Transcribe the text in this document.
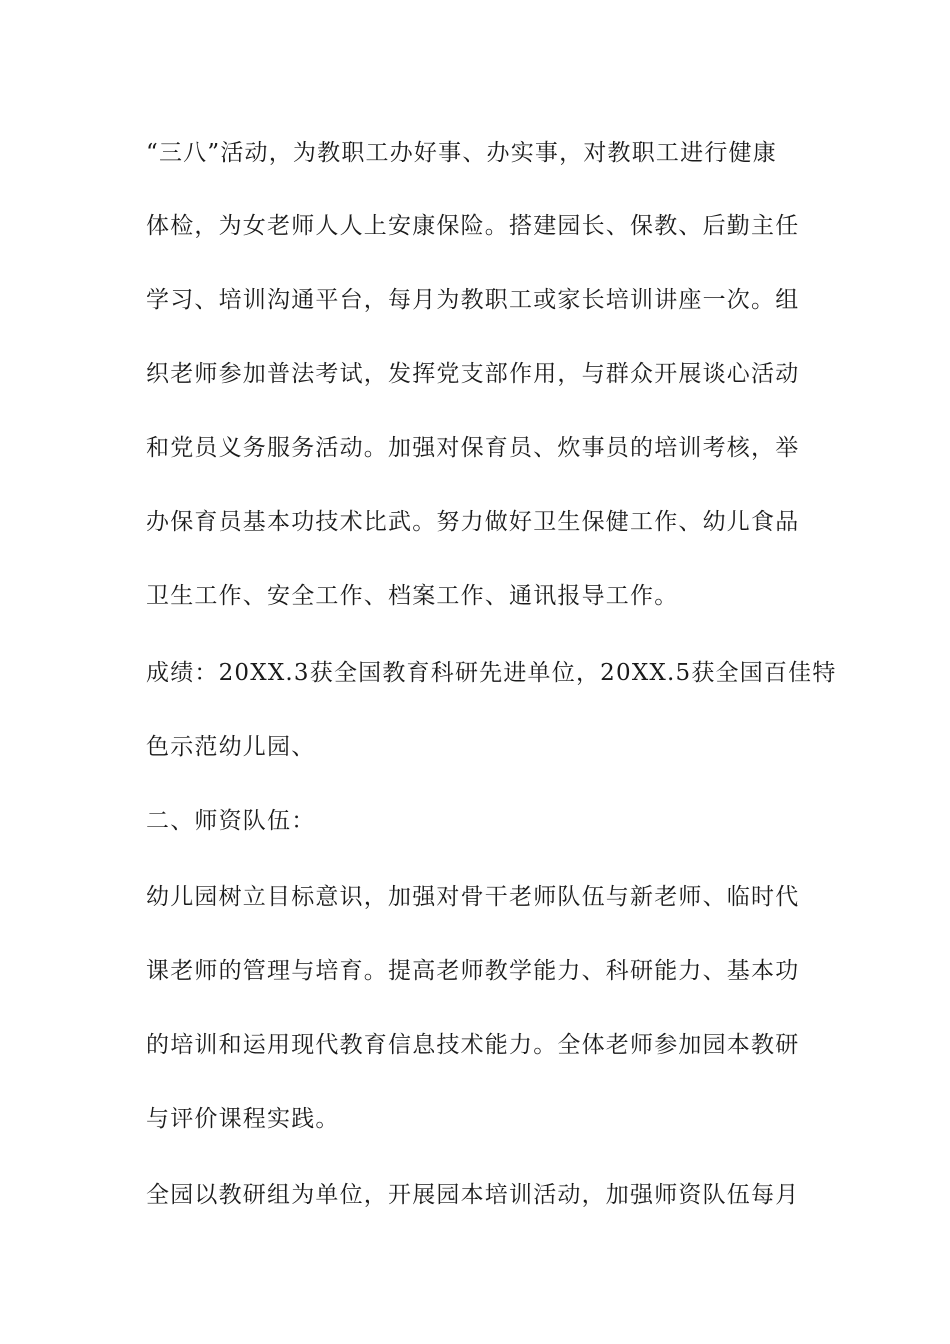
“三八”活动，为教职工办好事、办实事，对教职工进行健康
体检，为女老师人人上安康保险。搭建园长、保教、后勤主任
学习、培训沟通平台，每月为教职工或家长培训讲座一次。组
织老师参加普法考试，发挥党支部作用，与群众开展谈心活动
和党员义务服务活动。加强对保育员、炊事员的培训考核，举
办保育员基本功技术比武。努力做好卫生保健工作、幼儿食品
卫生工作、安全工作、档案工作、通讯报导工作。
成绩：20XX.3获全国教育科研先进单位，20XX.5获全国百佳特
色示范幼儿园、
二、师资队伍：
幼儿园树立目标意识，加强对骨干老师队伍与新老师、临时代
课老师的管理与培育。提高老师教学能力、科研能力、基本功
的培训和运用现代教育信息技术能力。全体老师参加园本教研
与评价课程实践。
全园以教研组为单位，开展园本培训活动，加强师资队伍每月
